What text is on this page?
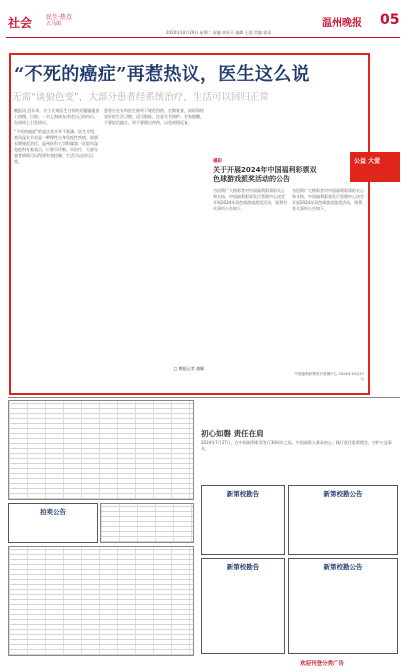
社会 民生·热点
五马街
2024年10月29日 星期二 责编 胡亚天 编辑 王超 美编 郭诏
温州晚报 05
“不死的癌症”再惹热议，医生这么说
无需“谈狼色变”，大部分患者经系统治疗，生活可以回归正常
晚报讯 近年来，关于长效医生日常的话题屡屡登上热搜。日前，一名上海网友讲述自己的经历，在网络上引发热议。
“不死的癌症”的说法其实并不准确，医生介绍，类风湿关节炎是一种慢性自身免疫性疾病，需要长期规范治疗。温州医科大学附属第一医院风湿免疫科专家表示，只要早诊断、早治疗，大部分患者病情可以得到有效控制，生活可以回归正常。
患者应在专科医生指导下规范用药，定期复查，同时保持良好的生活习惯，适当锻炼，注意关节保护。专家提醒，不要轻信偏方，更不要擅自停药，以免病情反复。
□ 晚报记者 潘颖
福彩
关于开展2024年中国福利彩票双色球游戏派奖活动的公告
为回馈广大购彩者对中国福利彩票的关心和支持，中国福利彩票发行管理中心决定开展2024年双色球游戏派奖活动，现将有关事项公告如下。
为回馈广大购彩者对中国福利彩票的关心和支持，中国福利彩票发行管理中心决定开展2024年双色球游戏派奖活动，现将有关事项公告如下。
中国福利彩票发行管理中心 2024年10月27日
公益 大爱
拍卖公告
初心如磐 责任在肩
2024年7月27日，在中国福利彩票发行30周年之际，中国福彩人秉承初心，践行责任彩票理念，守护公益事业。
新第校勘告	新第校勘公告
新第校勘告	新第校勘公告
欢迎刊登分类广告
